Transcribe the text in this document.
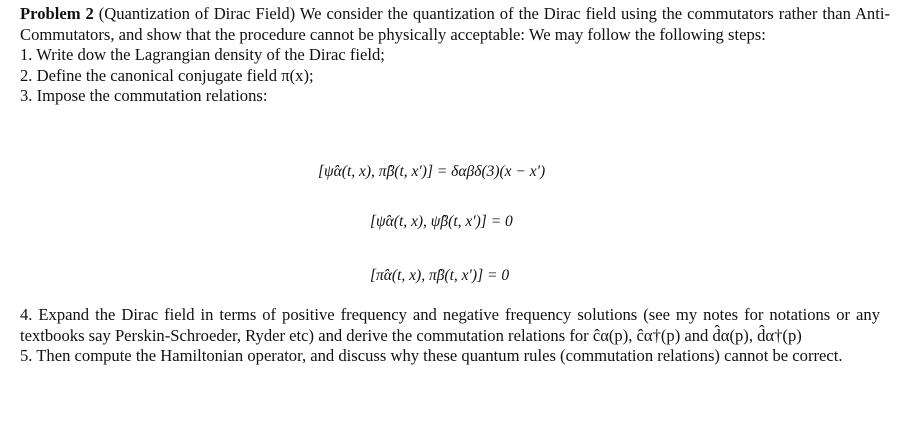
Problem 2 (Quantization of Dirac Field) We consider the quantization of the Dirac field using the commutators rather than Anti-Commutators, and show that the procedure cannot be physically acceptable: We may follow the following steps:

1. Write dow the Lagrangian density of the Dirac field;

2. Define the canonical conjugate field π(x);

3. Impose the commutation relations:

[ψ̂α(t, x), π̂β(t, x′)] = δαβδ(3)(x − x′)
[ψ̂α(t, x), ψ̂β(t, x′)] = 0
[π̂α(t, x), π̂β(t, x′)] = 0

4. Expand the Dirac field in terms of positive frequency and negative frequency solutions (see my notes for notations or any textbooks say Perskin-Schroeder, Ryder etc) and derive the commutation relations for ĉα(p), ĉα†(p) and d̂α(p), d̂α†(p)

5. Then compute the Hamiltonian operator, and discuss why these quantum rules (commutation relations) cannot be correct.
